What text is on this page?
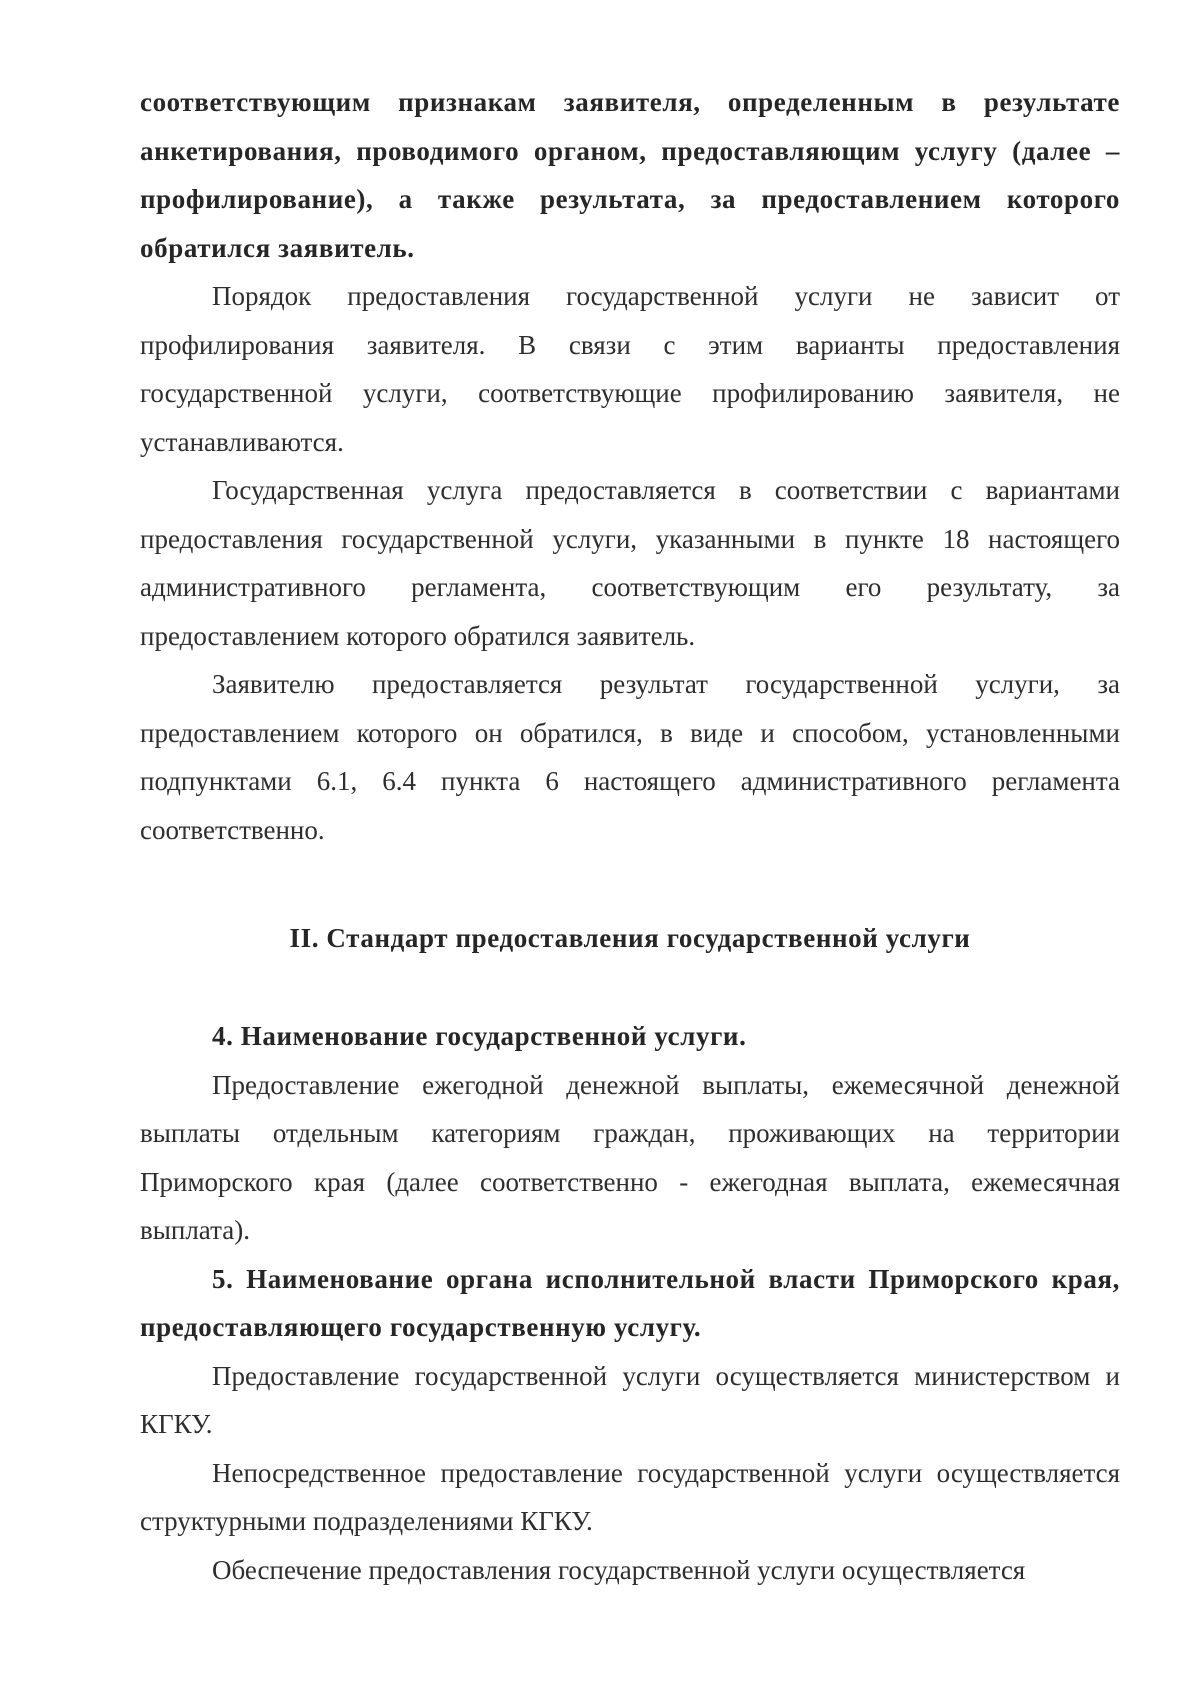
соответствующим признакам заявителя, определенным в результате анкетирования, проводимого органом, предоставляющим услугу (далее – профилирование), а также результата, за предоставлением которого обратился заявитель.

Порядок предоставления государственной услуги не зависит от профилирования заявителя. В связи с этим варианты предоставления государственной услуги, соответствующие профилированию заявителя, не устанавливаются.

Государственная услуга предоставляется в соответствии с вариантами предоставления государственной услуги, указанными в пункте 18 настоящего административного регламента, соответствующим его результату, за предоставлением которого обратился заявитель.

Заявителю предоставляется результат государственной услуги, за предоставлением которого он обратился, в виде и способом, установленными подпунктами 6.1, 6.4 пункта 6 настоящего административного регламента соответственно.

II. Стандарт предоставления государственной услуги

4. Наименование государственной услуги.

Предоставление ежегодной денежной выплаты, ежемесячной денежной выплаты отдельным категориям граждан, проживающих на территории Приморского края (далее соответственно - ежегодная выплата, ежемесячная выплата).

5. Наименование органа исполнительной власти Приморского края, предоставляющего государственную услугу.

Предоставление государственной услуги осуществляется министерством и КГКУ.

Непосредственное предоставление государственной услуги осуществляется структурными подразделениями КГКУ.

Обеспечение предоставления государственной услуги осуществляется
